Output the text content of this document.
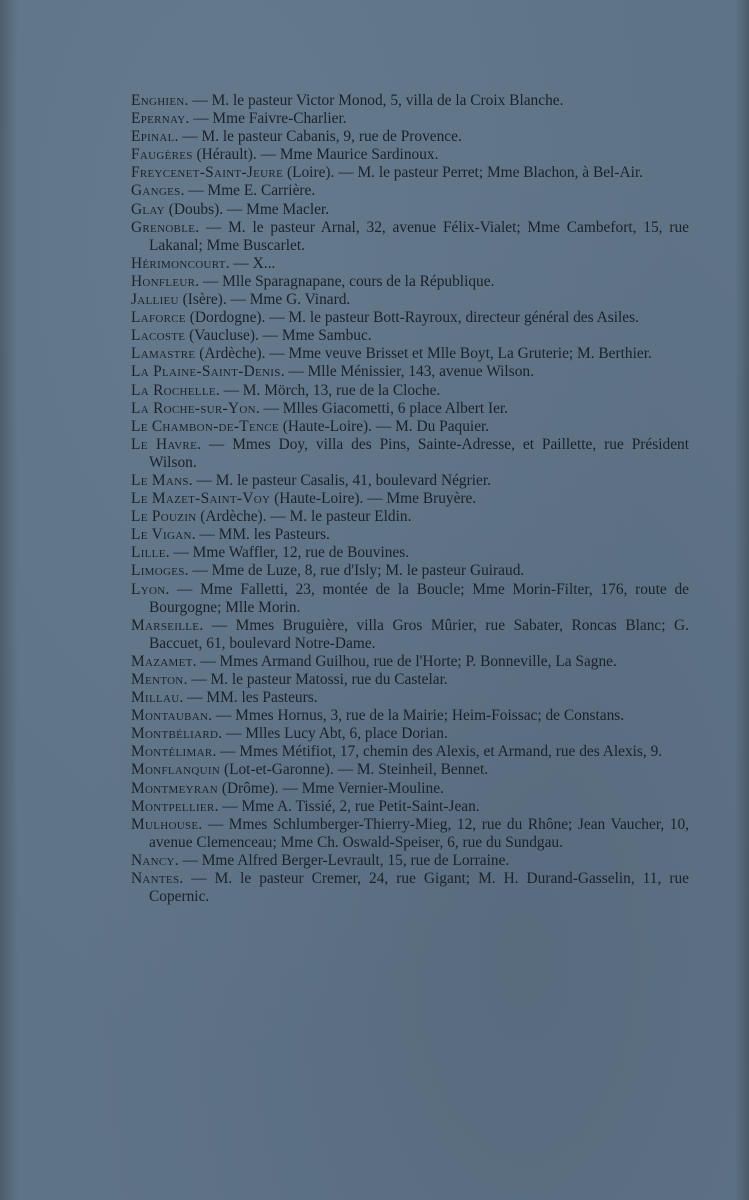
Enghien. — M. le pasteur Victor Monod, 5, villa de la Croix Blanche.

Epernay. — Mme Faivre-Charlier.

Epinal. — M. le pasteur Cabanis, 9, rue de Provence.

Faugères (Hérault). — Mme Maurice Sardinoux.

Freycenet-Saint-Jeure (Loire). — M. le pasteur Perret; Mme Blachon, à Bel-Air.

Ganges. — Mme E. Carrière.

Glay (Doubs). — Mme Macler.

Grenoble. — M. le pasteur Arnal, 32, avenue Félix-Vialet; Mme Cambefort, 15, rue Lakanal; Mme Buscarlet.

Hérimoncourt. — X...

Honfleur. — Mlle Sparagnapane, cours de la République.

Jallieu (Isère). — Mme G. Vinard.

Laforce (Dordogne). — M. le pasteur Bott-Rayroux, directeur général des Asiles.

Lacoste (Vaucluse). — Mme Sambuc.

Lamastre (Ardèche). — Mme veuve Brisset et Mlle Boyt, La Gruterie; M. Berthier.

La Plaine-Saint-Denis. — Mlle Ménissier, 143, avenue Wilson.

La Rochelle. — M. Mörch, 13, rue de la Cloche.

La Roche-sur-Yon. — Mlles Giacometti, 6 place Albert Ier.

Le Chambon-de-Tence (Haute-Loire). — M. Du Paquier.

Le Havre. — Mmes Doy, villa des Pins, Sainte-Adresse, et Paillette, rue Président Wilson.

Le Mans. — M. le pasteur Casalis, 41, boulevard Négrier.

Le Mazet-Saint-Voy (Haute-Loire). — Mme Bruyère.

Le Pouzin (Ardèche). — M. le pasteur Eldin.

Le Vigan. — MM. les Pasteurs.

Lille. — Mme Waffler, 12, rue de Bouvines.

Limoges. — Mme de Luze, 8, rue d'Isly; M. le pasteur Guiraud.

Lyon. — Mme Falletti, 23, montée de la Boucle; Mme Morin-Filter, 176, route de Bourgogne; Mlle Morin.

Marseille. — Mmes Bruguière, villa Gros Mûrier, rue Sabater, Roncas Blanc; G. Baccuet, 61, boulevard Notre-Dame.

Mazamet. — Mmes Armand Guilhou, rue de l'Horte; P. Bonneville, La Sagne.

Menton. — M. le pasteur Matossi, rue du Castelar.

Millau. — MM. les Pasteurs.

Montauban. — Mmes Hornus, 3, rue de la Mairie; Heim-Foissac; de Constans.

Montbéliard. — Mlles Lucy Abt, 6, place Dorian.

Montélimar. — Mmes Métifiot, 17, chemin des Alexis, et Armand, rue des Alexis, 9.

Monflanquin (Lot-et-Garonne). — M. Steinheil, Bennet.

Montmeyran (Drôme). — Mme Vernier-Mouline.

Montpellier. — Mme A. Tissié, 2, rue Petit-Saint-Jean.

Mulhouse. — Mmes Schlumberger-Thierry-Mieg, 12, rue du Rhône; Jean Vaucher, 10, avenue Clemenceau; Mme Ch. Oswald-Speiser, 6, rue du Sundgau.

Nancy. — Mme Alfred Berger-Levrault, 15, rue de Lorraine.

Nantes. — M. le pasteur Cremer, 24, rue Gigant; M. H. Durand-Gasselin, 11, rue Copernic.
